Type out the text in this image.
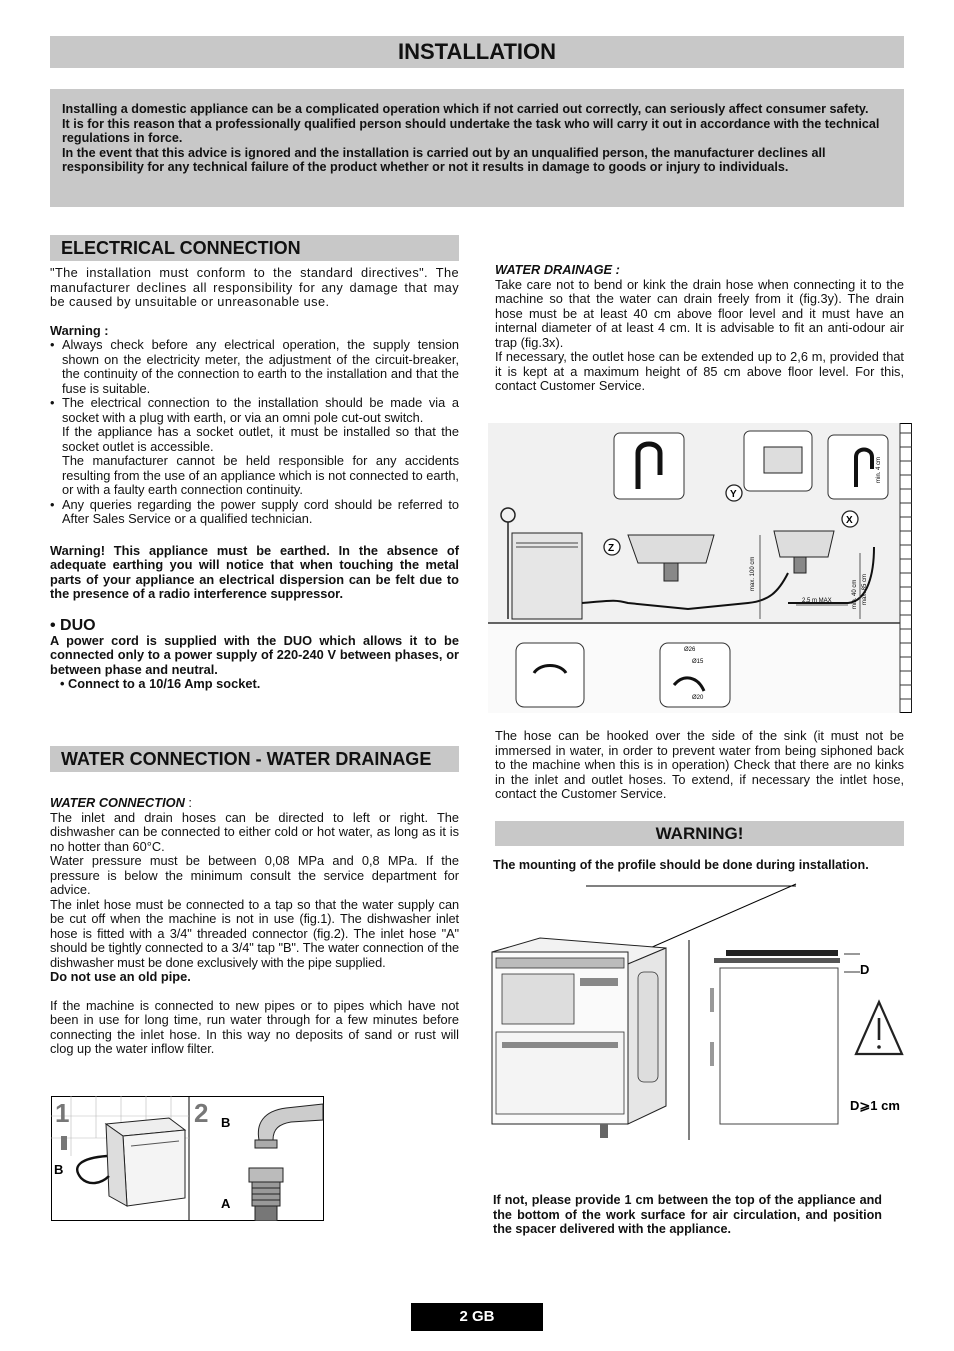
INSTALLATION

Installing a domestic appliance can be a complicated operation which if not carried out correctly, can seriously affect consumer safety.

It is for this reason that a professionally qualified person should undertake the task who will carry it out in accordance with the technical regulations in force.

In the event that this advice is ignored and the installation is carried out by an unqualified person, the manufacturer declines all responsibility for any technical failure of the product whether or not it results in damage to goods or injury to individuals.

ELECTRICAL CONNECTION

"The installation must conform to the standard directives". The manufacturer declines all responsibility for any damage that may be caused by unsuitable or unreasonable use.

Warning :

• Always check before any electrical operation, the supply tension shown on the electricity meter, the adjustment of the circuit-breaker, the continuity of the connection to earth to the installation and that the fuse is suitable.
• The electrical connection to the installation should be made via a socket with a plug with earth, or via an omni pole cut-out switch.

If the appliance has a socket outlet, it must be installed so that the socket outlet is accessible.

The manufacturer cannot be held responsible for any accidents resulting from the use of an appliance which is not connected to earth, or with a faulty earth connection continuity.

• Any queries regarding the power supply cord should be referred to After Sales Service or a qualified technician.

Warning! This appliance must be earthed. In the absence of adequate earthing you will notice that when touching the metal parts of your appliance an electrical dispersion can be felt due to the presence of a radio interference suppressor.

• DUO

A power cord is supplied with the DUO which allows it to be connected only to a power supply of 220-240 V between phases, or between phase and neutral.

• Connect to a 10/16 Amp socket.

WATER CONNECTION - WATER DRAINAGE

WATER CONNECTION :

The inlet and drain hoses can be directed to left or right. The dishwasher can be connected to either cold or hot water, as long as it is no hotter than 60°C.

Water pressure must be between 0,08 MPa and 0,8 MPa. If the pressure is below the minimum consult the service department for advice.

The inlet hose must be connected to a tap so that the water supply can be cut off when the machine is not in use (fig.1). The dishwasher inlet hose is fitted with a 3/4" threaded connector (fig.2). The inlet hose "A" should be tightly connected to a 3/4" tap "B". The water connection of the dishwasher must be done exclusively with the pipe supplied.

Do not use an old pipe.

If the machine is connected to new pipes or to pipes which have not been in use for long time, run water through for a few minutes before connecting the inlet hose. In this way no deposits of sand or rust will clog up the water inflow filter.

1
B
2 B
A

WATER DRAINAGE :

Take care not to bend or kink the drain hose when connecting it to the machine so that the water can drain freely from it (fig.3y). The drain hose must be at least 40 cm above floor level and it must have an internal diameter of at least 4 cm. It is advisable to fit an anti-odour air trap (fig.3x).

If necessary, the outlet hose can be extended up to 2,6 m, provided that it is kept at a maximum height of 85 cm above floor level. For this, contact Customer Service.

Y
X
Z
max. 100 cm
min. 40 cm max. 85 cm
min. 4 cm
2,5 m MAX
Ø26
Ø15
Ø20

The hose can be hooked over the side of the sink (it must not be immersed in water, in order to prevent water from being siphoned back to the machine when this is in operation) Check that there are no kinks in the inlet and outlet hoses. To extend, if necessary the intlet hose, contact the Customer Service.

WARNING!

The mounting of the profile should be done during installation.

D
D⩾1 cm

If not, please provide 1 cm between the top of the appliance and the bottom of the work surface for air circulation, and position the spacer delivered with the appliance.

2 GB
